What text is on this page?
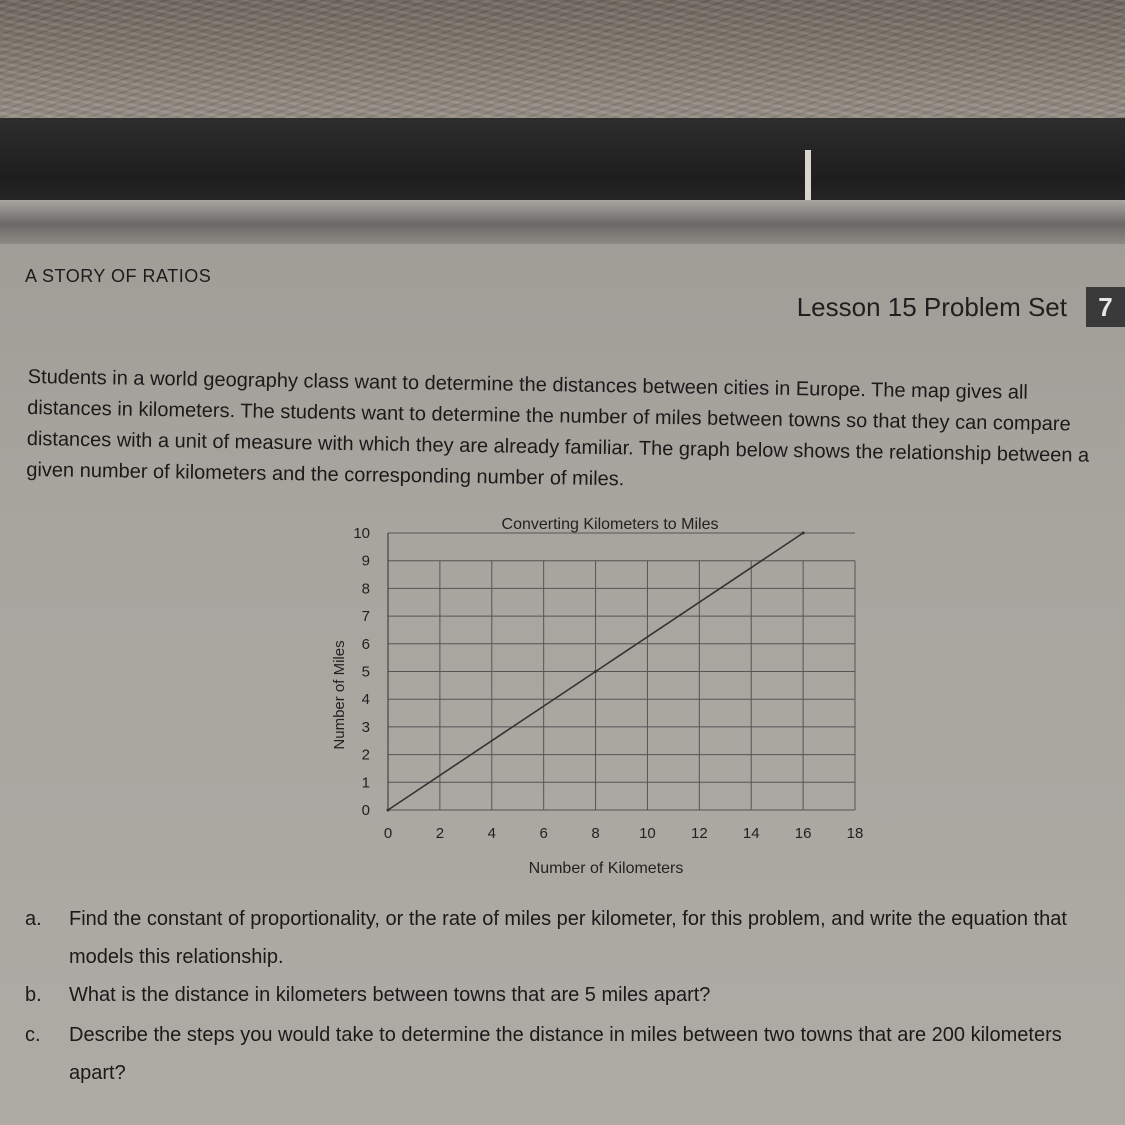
A STORY OF RATIOS
Lesson 15 Problem Set	7
Students in a world geography class want to determine the distances between cities in Europe. The map gives all distances in kilometers. The students want to determine the number of miles between towns so that they can compare distances with a unit of measure with which they are already familiar. The graph below shows the relationship between a given number of kilometers and the corresponding number of miles.
0	2	4	6	8	10 12 14 16 18
0
1
2
3
4
5
6
7
8
9
10
Converting Kilometers to Miles
Number of Kilometers
Number of Miles
a.	Find the constant of proportionality, or the rate of miles per kilometer, for this problem, and write the equation that models this relationship.
b.	What is the distance in kilometers between towns that are 5 miles apart?
c.	Describe the steps you would take to determine the distance in miles between two towns that are 200 kilometers apart?
